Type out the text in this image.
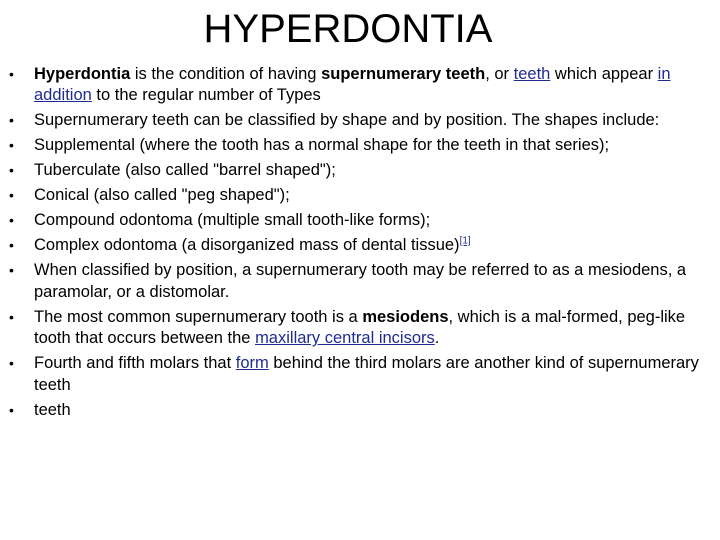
HYPERDONTIA
• Hyperdontia is the condition of having supernumerary teeth, or teeth which appear in addition to the regular number of Types
• Supernumerary teeth can be classified by shape and by position. The shapes include:
• Supplemental (where the tooth has a normal shape for the teeth in that series);
• Tuberculate (also called "barrel shaped");
• Conical (also called "peg shaped");
• Compound odontoma (multiple small tooth-like forms);
• Complex odontoma (a disorganized mass of dental tissue)[1]
• When classified by position, a supernumerary tooth may be referred to as a mesiodens, a paramolar, or a distomolar.
• The most common supernumerary tooth is a mesiodens, which is a mal-formed, peg-like tooth that occurs between the maxillary central incisors.
• Fourth and fifth molars that form behind the third molars are another kind of supernumerary teeth
• teeth
